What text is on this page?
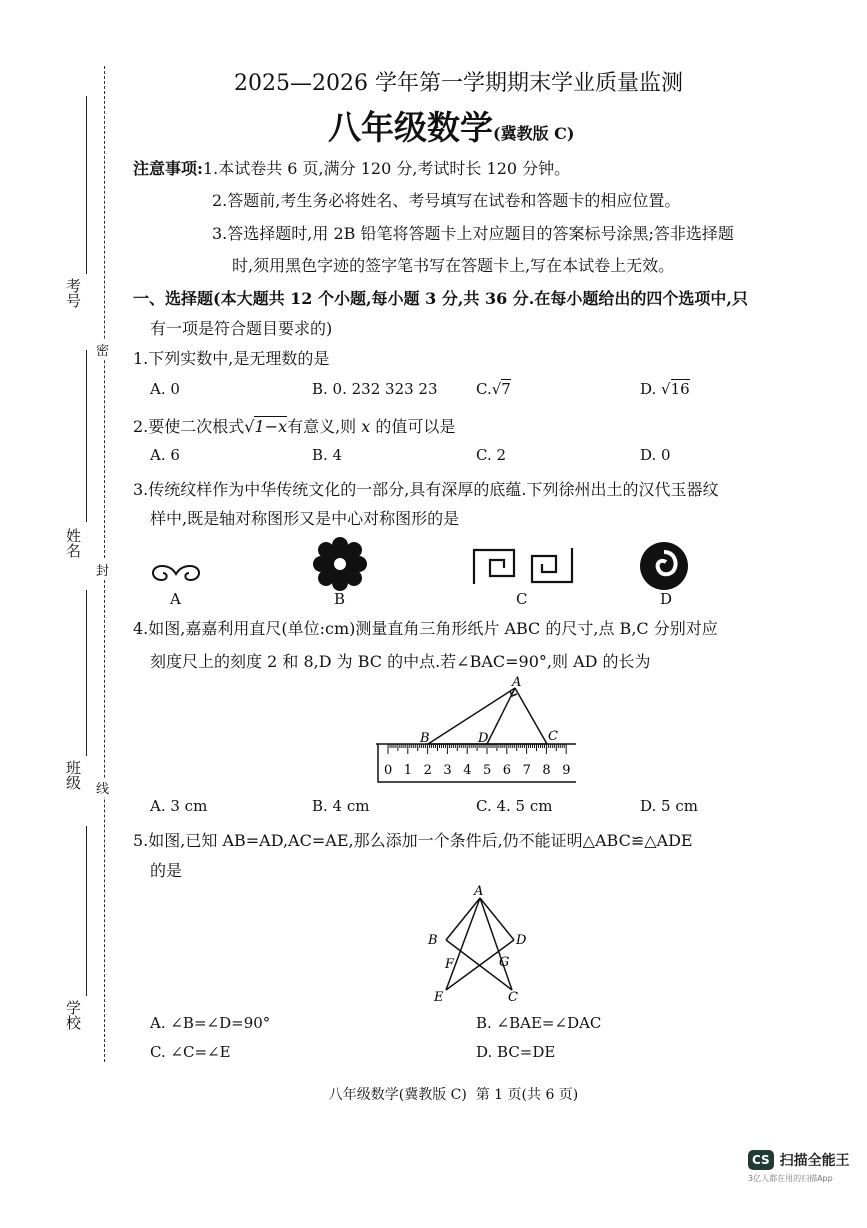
考号
姓名
班级
学校
密
封
线
2025—2026 学年第一学期期末学业质量监测
八年级数学(冀教版 C)
注意事项:1.本试卷共 6 页,满分 120 分,考试时长 120 分钟。
2.答题前,考生务必将姓名、考号填写在试卷和答题卡的相应位置。
3.答选择题时,用 2B 铅笔将答题卡上对应题目的答案标号涂黑;答非选择题
时,须用黑色字迹的签字笔书写在答题卡上,写在本试卷上无效。
一、选择题(本大题共 12 个小题,每小题 3 分,共 36 分.在每小题给出的四个选项中,只
有一项是符合题目要求的)
1.下列实数中,是无理数的是
A. 0	B. 0. 232 323 23	C.√7	D. √16
2.要使二次根式√1−x有意义,则 x 的值可以是
A. 6	B. 4	C. 2	D. 0
3.传统纹样作为中华传统文化的一部分,具有深厚的底蕴.下列徐州出土的汉代玉器纹
样中,既是轴对称图形又是中心对称图形的是
A	B	C	D
4.如图,嘉嘉利用直尺(单位:cm)测量直角三角形纸片 ABC 的尺寸,点 B,C 分别对应
刻度尺上的刻度 2 和 8,D 为 BC 的中点.若∠BAC=90°,则 AD 的长为
0 1 2 3 4 5 6 7 8 9
A
B	D	C
A. 3 cm	B. 4 cm	C. 4. 5 cm	D. 5 cm
5.如图,已知 AB=AD,AC=AE,那么添加一个条件后,仍不能证明△ABC≌△ADE
的是
A
B	D
F	G
E	C
A. ∠B=∠D=90°	B. ∠BAE=∠DAC
C. ∠C=∠E	D. BC=DE
八年级数学(冀教版 C)  第 1 页(共 6 页)
CS 扫描全能王
3亿人都在用的扫描App
